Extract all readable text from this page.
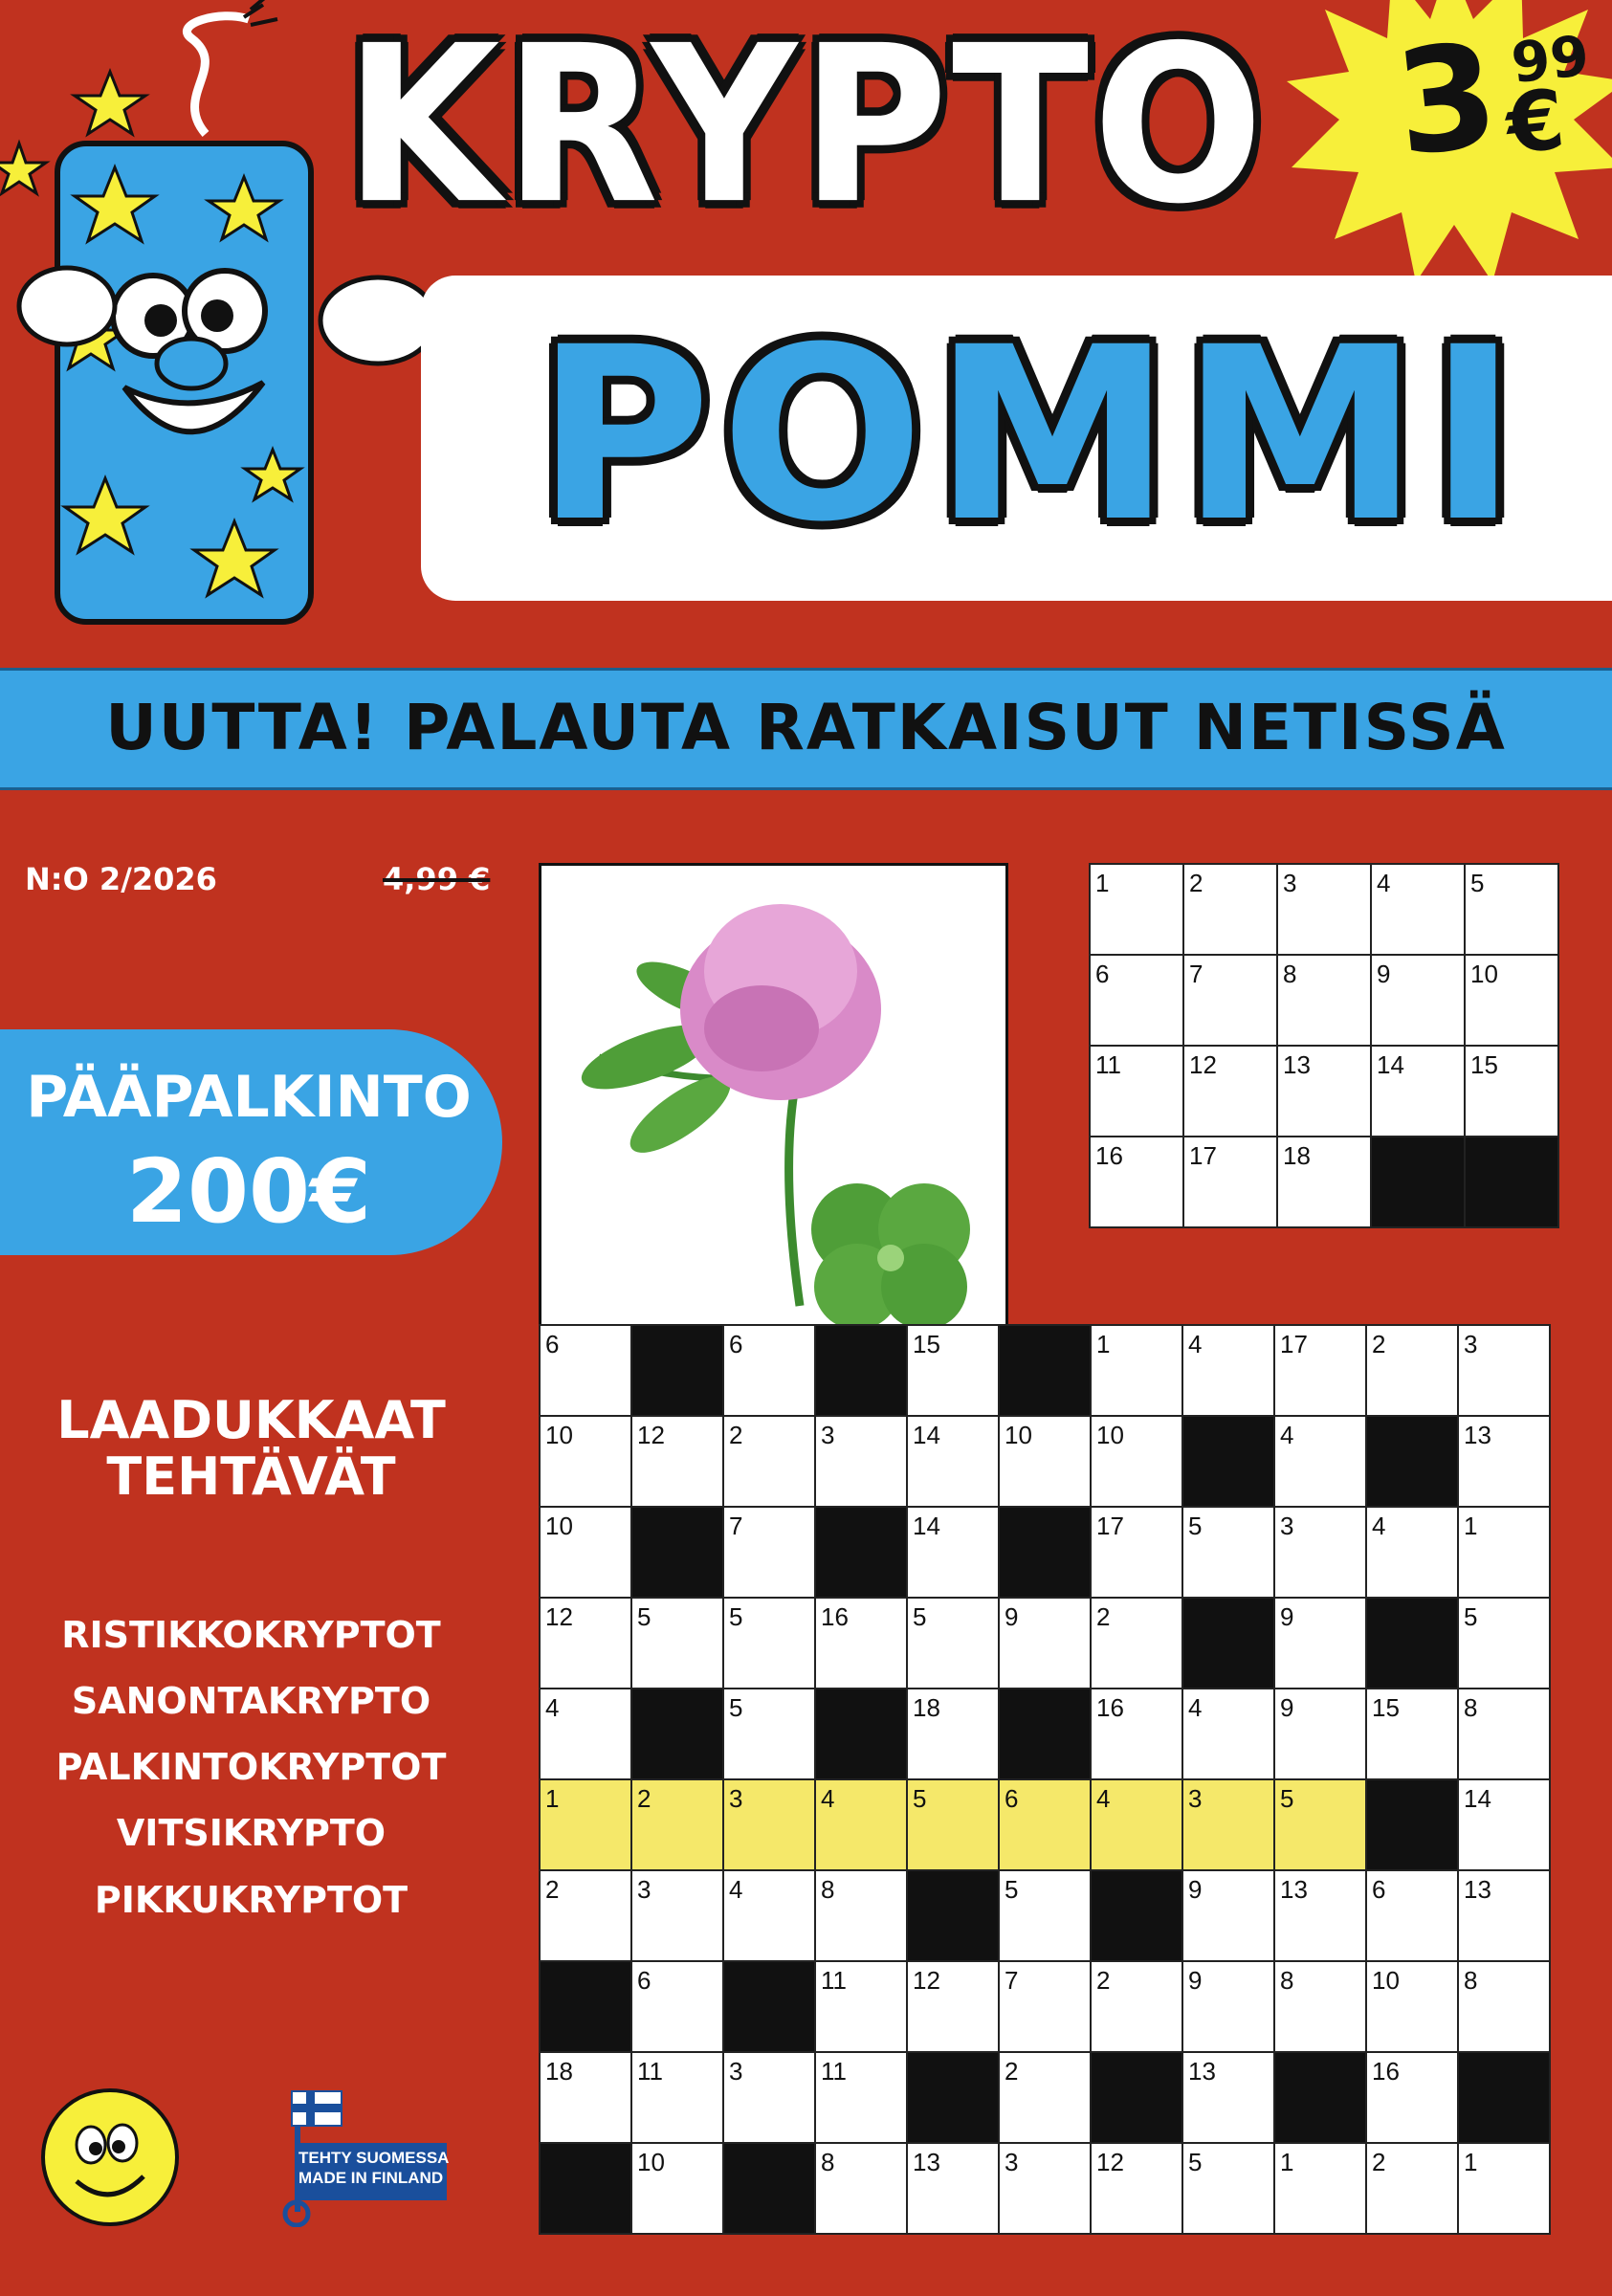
3 99
€
KRYPTO
POMMI
UUTTA! PALAUTA RATKAISUT NETISSÄ
N:O 2/2026	4,99 €
PÄÄPALKINTO
200€
LAADUKKAAT
TEHTÄVÄT
RISTIKKOKRYPTOT
SANONTAKRYPTO
PALKINTOKRYPTOT
VITSIKRYPTO
PIKKUKRYPTOT
TEHTY SUOMESSA
MADE IN FINLAND
1	2	3	4	5

6	7	8	9	10

11	12	13	14	15

16	17	18		

6		6		15		1	4	17	2	3

10	12	2	3	14	10	10		4		13

10		7		14		17	5	3	4	1

12	5	5	16	5	9	2		9		5

4		5		18		16	4	9	15	8

1	2	3	4	5	6	4	3	5		14

2	3	4	8		5		9	13	6	13

	6		11	12	7	2	9	8	10	8

18	11	3	11		2		13		16	

	10		8	13	3	12	5	1	2	1
